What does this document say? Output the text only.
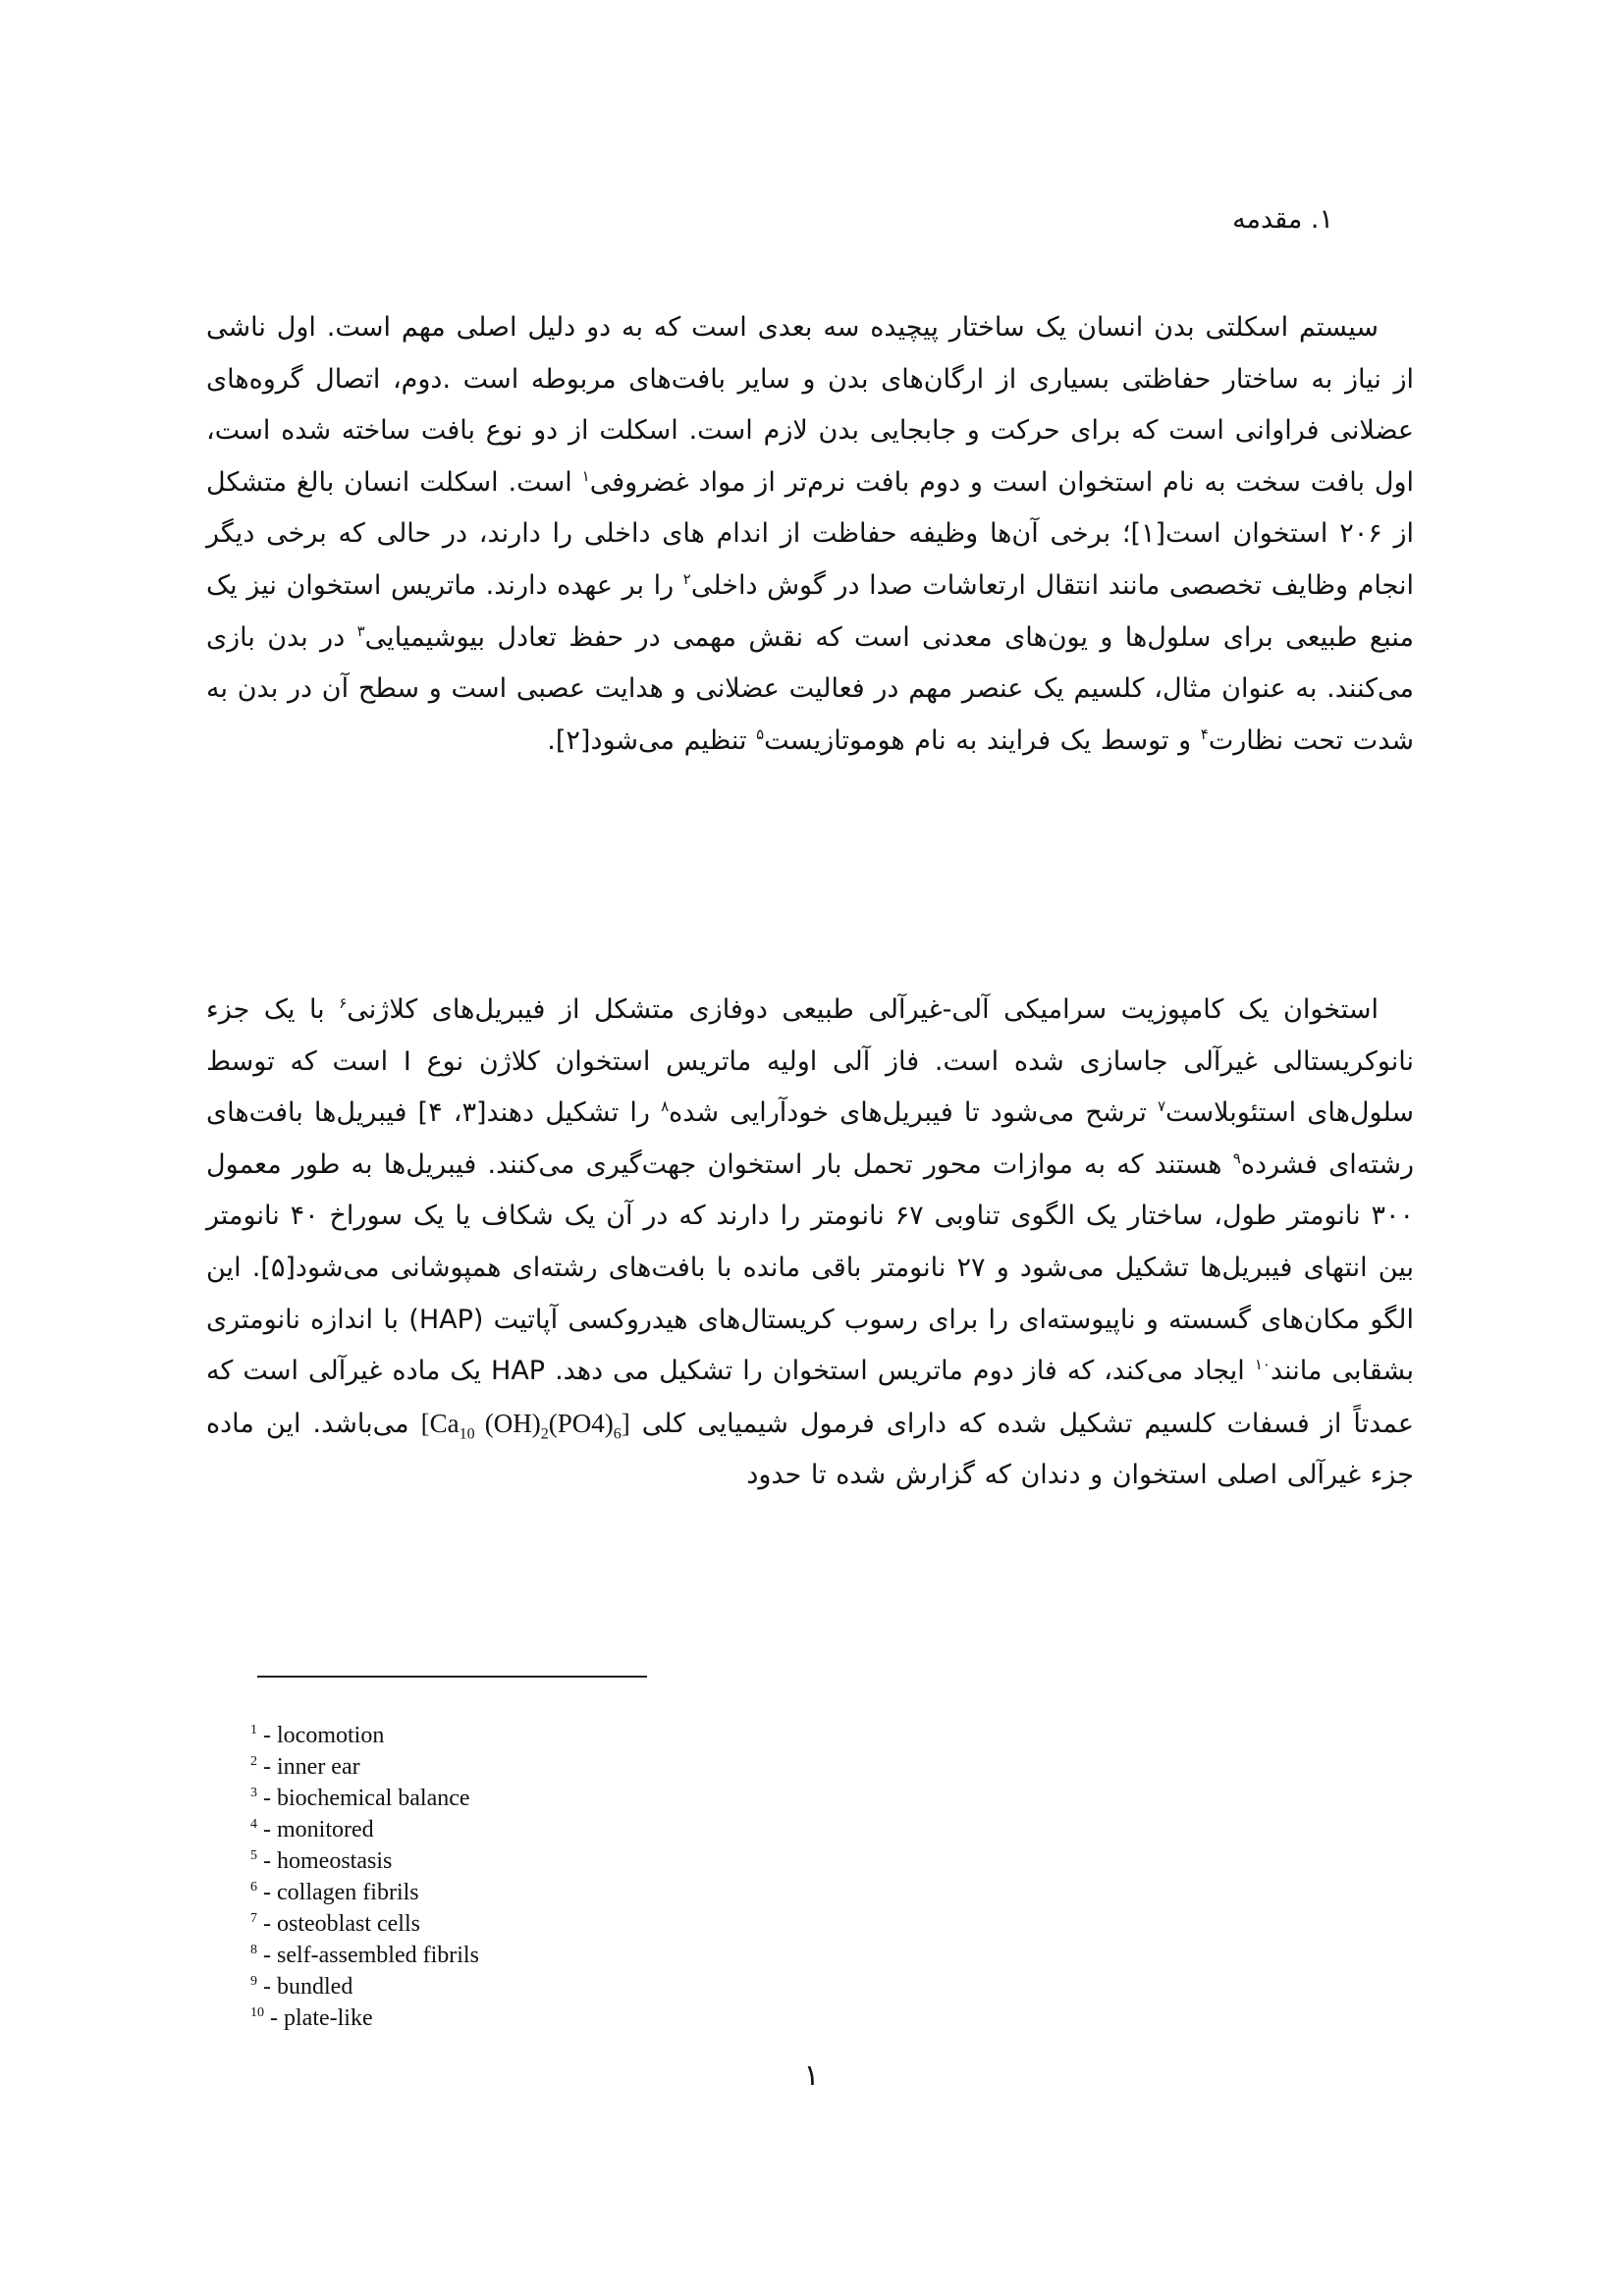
۱. مقدمه

سیستم اسکلتی بدن انسان یک ساختار پیچیده سه بعدی است که به دو دلیل اصلی مهم است. اول ناشی از نیاز به ساختار حفاظتی بسیاری از ارگان‌های بدن و سایر بافت‌های مربوطه است .دوم، اتصال گروه‌های عضلانی فراوانی است که برای حرکت و جابجایی بدن لازم است. اسکلت از دو نوع بافت ساخته شده است، اول بافت سخت به نام استخوان است و دوم بافت نرم‌تر از مواد غضروفی$^۱$ است. اسکلت انسان بالغ متشکل از ۲۰۶ استخوان است[۱]؛ برخی آن‌ها وظیفه حفاظت از اندام های داخلی را دارند، در حالی که برخی دیگر انجام وظایف تخصصی مانند انتقال ارتعاشات صدا در گوش داخلی$^۲$ را بر عهده دارند. ماتریس استخوان نیز یک منبع طبیعی برای سلول‌ها و یون‌های معدنی است که نقش مهمی در حفظ تعادل بیوشیمیایی$^۳$ در بدن بازی می‌کنند. به عنوان مثال، کلسیم یک عنصر مهم در فعالیت عضلانی و هدایت عصبی است و سطح آن در بدن به شدت تحت نظارت$^۴$ و توسط یک فرایند به نام هوموتازیست$^۵$ تنظیم می‌شود[۲].

استخوان یک کامپوزیت سرامیکی آلی-غیرآلی طبیعی دوفازی متشکل از فیبریل‌های کلاژنی$^۶$ با یک جزء نانوکریستالی غیرآلی جاسازی شده است. فاز آلی اولیه ماتریس استخوان کلاژن نوع I است که توسط سلول‌های استئوبلاست$^۷$ ترشح می‌شود تا فیبریل‌های خودآرایی شده$^۸$ را تشکیل دهند[۳، ۴] فیبریل‌ها بافت‌های رشته‌ای فشرده$^۹$ هستند که به موازات محور تحمل بار استخوان جهت‌گیری می‌کنند. فیبریل‌ها به طور معمول ۳۰۰ نانومتر طول، ساختار یک الگوی تناوبی ۶۷ نانومتر را دارند که در آن یک شکاف یا یک سوراخ ۴۰ نانومتر بین انتهای فیبریل‌ها تشکیل می‌شود و ۲۷ نانومتر باقی مانده با بافت‌های رشته‌ای همپوشانی می‌شود[۵]. این الگو مکان‌های گسسته و ناپیوسته‌ای را برای رسوب کریستال‌های هیدروکسی آپاتیت (HAP) با اندازه نانومتری بشقابی مانند$^{۱۰}$ ایجاد می‌کند، که فاز دوم ماتریس استخوان را تشکیل می دهد. HAP یک ماده غیرآلی است که عمدتاً از فسفات کلسیم تشکیل شده که دارای فرمول شیمیایی کلی [$Ca_{10}$ $(OH)_2(PO4)_6$] می‌باشد. این ماده جزء غیرآلی اصلی استخوان و دندان که گزارش شده تا حدود

$^1$ - locomotion
$^2$ - inner ear
$^3$ - biochemical balance
$^4$ - monitored
$^5$ - homeostasis
$^6$ - collagen fibrils
$^7$ - osteoblast cells
$^8$ - self-assembled fibrils
$^9$ - bundled
$^{10}$ - plate-like

۱
